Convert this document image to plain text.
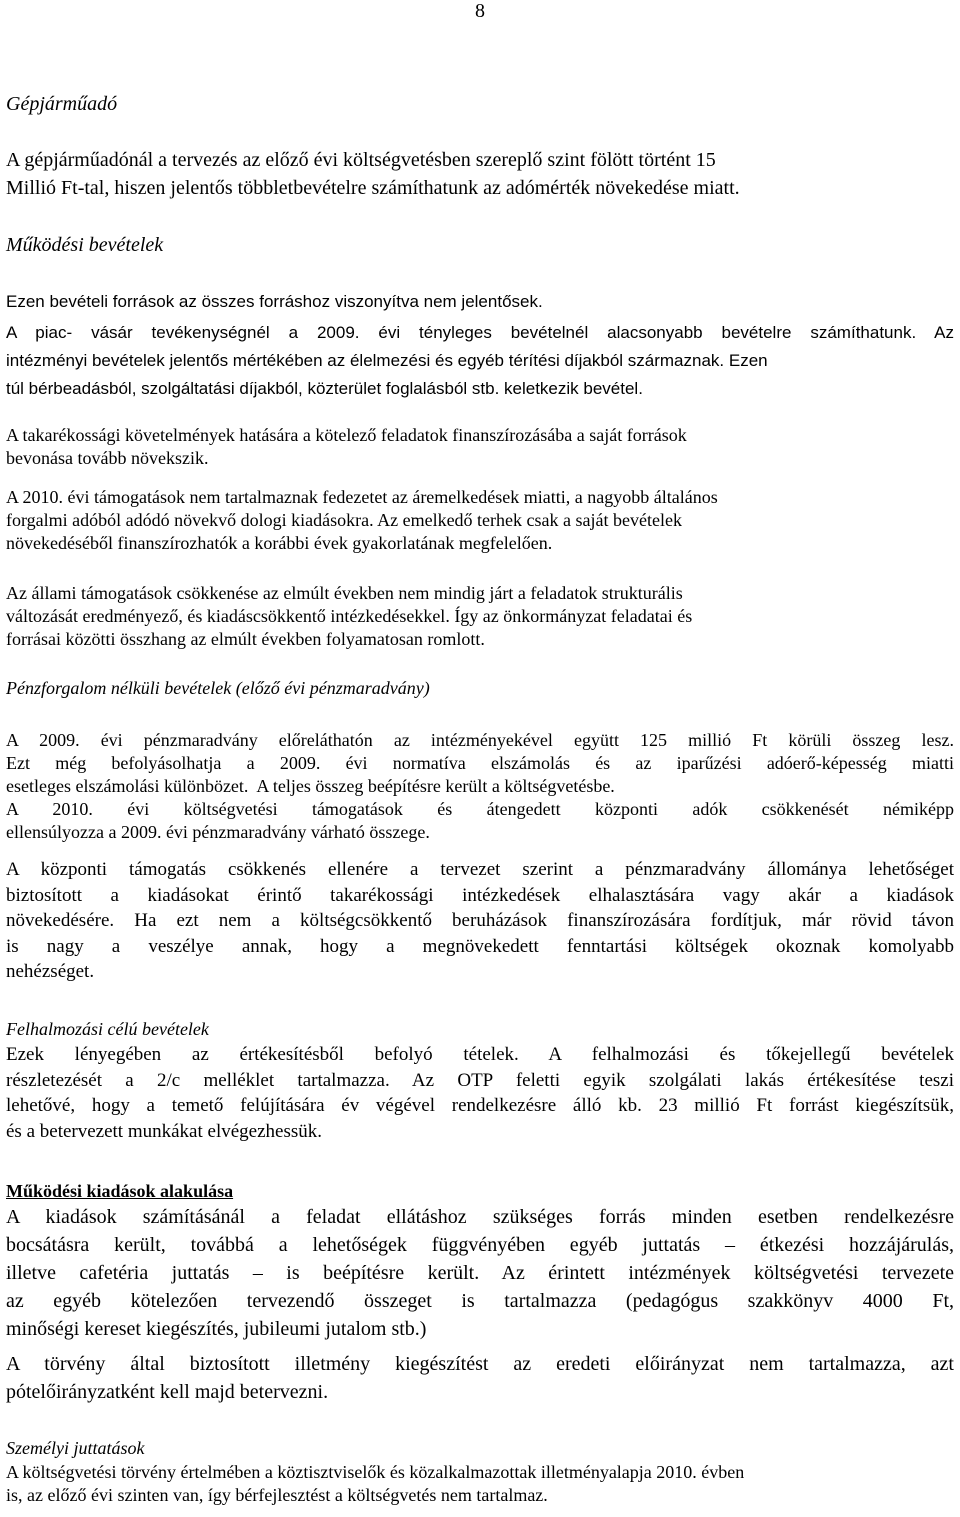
8

Gépjárműadó

A gépjárműadónál a tervezés az előző évi költségvetésben szereplő szint fölött történt 15
Millió Ft-tal, hiszen jelentős többletbevételre számíthatunk az adómérték növekedése miatt.

Működési bevételek

Ezen bevételi források az összes forráshoz viszonyítva nem jelentősek.

A piac- vásár tevékenységnél a 2009. évi tényleges bevételnél alacsonyabb bevételre számíthatunk. Az
intézményi bevételek jelentős mértékében az élelmezési és egyéb térítési díjakból származnak. Ezen
túl bérbeadásból, szolgáltatási díjakból, közterület foglalásból stb. keletkezik bevétel.

A takarékossági követelmények hatására a kötelező feladatok finanszírozásába a saját források
bevonása tovább növekszik.

A 2010. évi támogatások nem tartalmaznak fedezetet az áremelkedések miatti, a nagyobb általános
forgalmi adóból adódó növekvő dologi kiadásokra. Az emelkedő terhek csak a saját bevételek
növekedéséből finanszírozhatók a korábbi évek gyakorlatának megfelelően.

Az állami támogatások csökkenése az elmúlt években nem mindig járt a feladatok strukturális
változását eredményező, és kiadáscsökkentő intézkedésekkel. Így az önkormányzat feladatai és
forrásai közötti összhang az elmúlt években folyamatosan romlott.

Pénzforgalom nélküli bevételek (előző évi pénzmaradvány)

A 2009. évi pénzmaradvány előreláthatón az intézményekével együtt 125 millió Ft körüli összeg lesz.
Ezt még befolyásolhatja a 2009. évi normatíva elszámolás és az iparűzési adóerő-képesség miatti
esetleges elszámolási különbözet.  A teljes összeg beépítésre került a költségvetésbe.
A 2010. évi költségvetési támogatások és átengedett központi adók csökkenését némiképp
ellensúlyozza a 2009. évi pénzmaradvány várható összege.

A központi támogatás csökkenés ellenére a tervezet szerint a pénzmaradvány állománya lehetőséget
biztosított a kiadásokat érintő takarékossági intézkedések elhalasztására vagy akár a kiadások
növekedésére. Ha ezt nem a költségcsökkentő beruházások finanszírozására fordítjuk, már rövid távon
is nagy a veszélye annak, hogy a megnövekedett fenntartási költségek okoznak komolyabb
nehézséget.

Felhalmozási célú bevételek

Ezek lényegében az értékesítésből befolyó tételek. A felhalmozási és tőkejellegű bevételek
részletezését a 2/c melléklet tartalmazza. Az OTP feletti egyik szolgálati lakás értékesítése teszi
lehetővé, hogy a temető felújítására év végével rendelkezésre álló kb. 23 millió Ft forrást kiegészítsük,
és a betervezett munkákat elvégezhessük.

Működési kiadások alakulása

A kiadások számításánál a feladat ellátáshoz szükséges forrás minden esetben rendelkezésre
bocsátásra került, továbbá a lehetőségek függvényében egyéb juttatás – étkezési hozzájárulás,
illetve cafetéria juttatás – is beépítésre került. Az érintett intézmények költségvetési tervezete
az egyéb kötelezően tervezendő összeget is tartalmazza (pedagógus szakkönyv 4000 Ft,
minőségi kereset kiegészítés, jubileumi jutalom stb.)

A törvény által biztosított illetmény kiegészítést az eredeti előirányzat nem tartalmazza, azt
pótelőirányzatként kell majd betervezni.

Személyi juttatások

A költségvetési törvény értelmében a köztisztviselők és közalkalmazottak illetményalapja 2010. évben
is, az előző évi szinten van, így bérfejlesztést a költségvetés nem tartalmaz.
